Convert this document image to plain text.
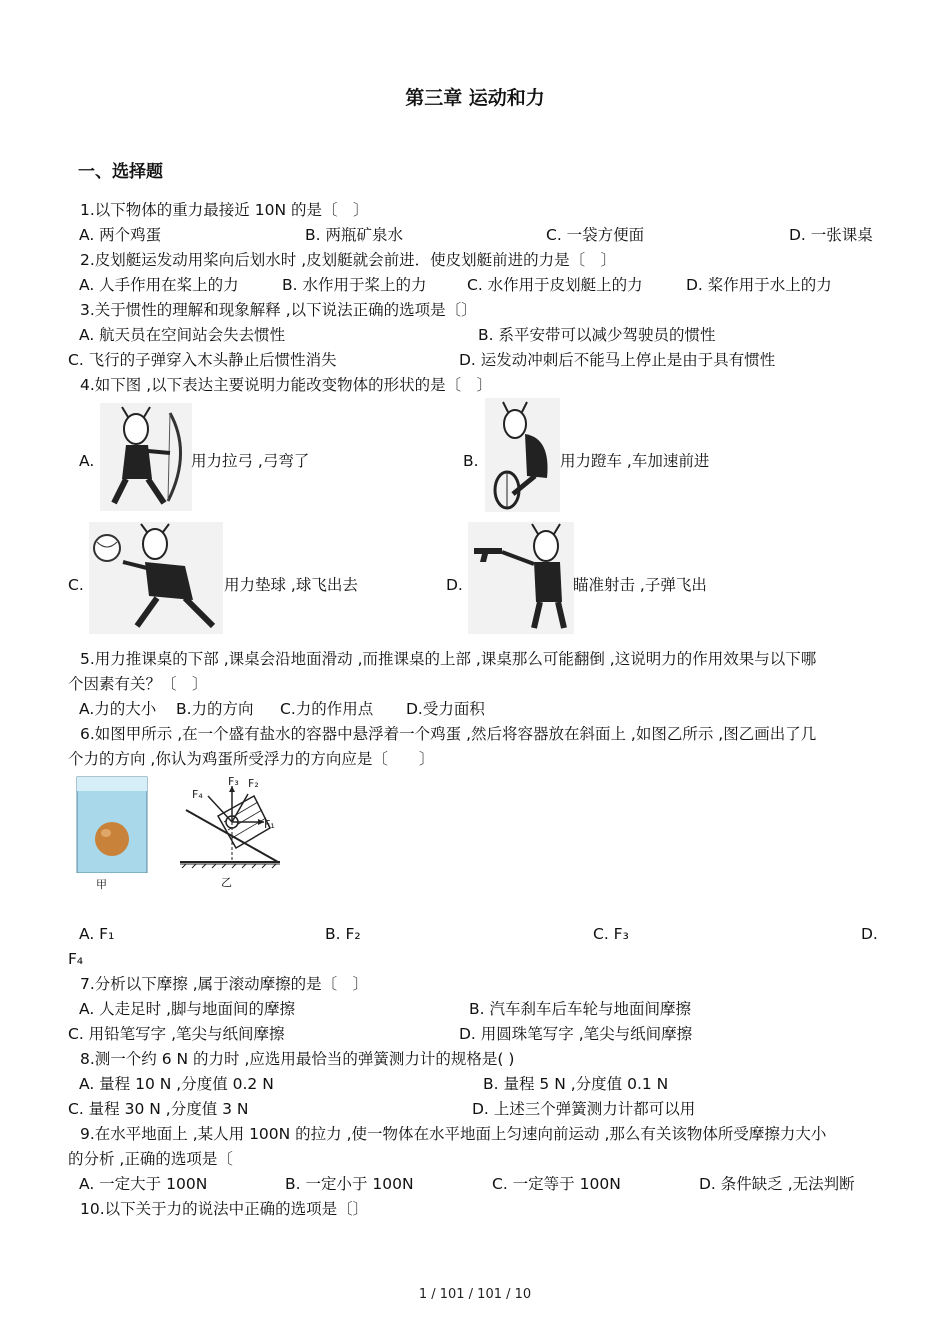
第三章 运动和力
一、选择题
1.以下物体的重力最接近 10N 的是〔　〕
A. 两个鸡蛋	B. 两瓶矿泉水	C. 一袋方便面	D. 一张课桌
2.皮划艇运发动用桨向后划水时 ,皮划艇就会前进．使皮划艇前进的力是〔　〕
A. 人手作用在桨上的力	B. 水作用于桨上的力	C. 水作用于皮划艇上的力	D. 桨作用于水上的力
3.关于惯性的理解和现象解释 ,以下说法正确的选项是〔〕
A. 航天员在空间站会失去惯性	B. 系平安带可以减少驾驶员的惯性
C. 飞行的子弹穿入木头静止后惯性消失	D. 运发动冲刺后不能马上停止是由于具有惯性
4.如下图 ,以下表达主要说明力能改变物体的形状的是〔　〕
A.	用力拉弓 ,弓弯了	B.	用力蹬车 ,车加速前进
C.	用力垫球 ,球飞出去	D.	瞄准射击 ,子弹飞出
5.用力推课桌的下部 ,课桌会沿地面滑动 ,而推课桌的上部 ,课桌那么可能翻倒 ,这说明力的作用效果与以下哪
个因素有关？〔　〕
A.力的大小 B.力的方向 C.力的作用点 D.受力面积
6.如图甲所示 ,在一个盛有盐水的容器中悬浮着一个鸡蛋 ,然后将容器放在斜面上 ,如图乙所示 ,图乙画出了几
个力的方向 ,你认为鸡蛋所受浮力的方向应是〔　　〕
甲
F₄
F₃ F₂
F₁
乙
A. F₁	B. F₂	C. F₃	D.
F₄
7.分析以下摩擦 ,属于滚动摩擦的是〔　〕
A. 人走足时 ,脚与地面间的摩擦	B. 汽车刹车后车轮与地面间摩擦
C. 用铅笔写字 ,笔尖与纸间摩擦	D. 用圆珠笔写字 ,笔尖与纸间摩擦
8.测一个约 6 N 的力时 ,应选用最恰当的弹簧测力计的规格是( )
A. 量程 10 N ,分度值 0.2 N	B. 量程 5 N ,分度值 0.1 N
C. 量程 30 N ,分度值 3 N	D. 上述三个弹簧测力计都可以用
9.在水平地面上 ,某人用 100N 的拉力 ,使一物体在水平地面上匀速向前运动 ,那么有关该物体所受摩擦力大小
的分析 ,正确的选项是〔
A. 一定大于 100N	B. 一定小于 100N	C. 一定等于 100N	D. 条件缺乏 ,无法判断
10.以下关于力的说法中正确的选项是〔〕
1 / 101 / 101 / 10
